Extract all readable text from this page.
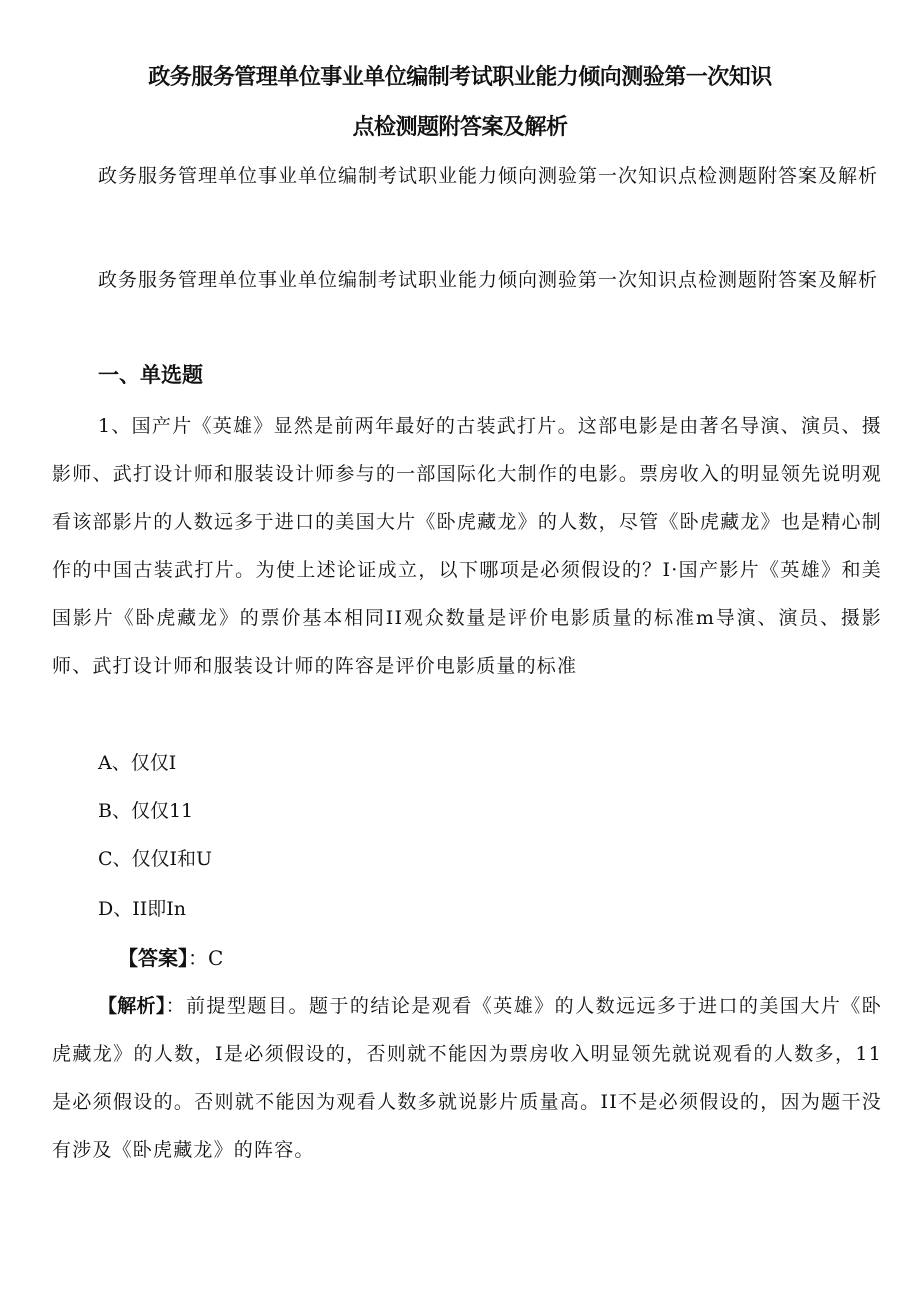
政务服务管理单位事业单位编制考试职业能力倾向测验第一次知识
点检测题附答案及解析

政务服务管理单位事业单位编制考试职业能力倾向测验第一次知识点检测题附答案及解析

政务服务管理单位事业单位编制考试职业能力倾向测验第一次知识点检测题附答案及解析

一、单选题

1、国产片《英雄》显然是前两年最好的古装武打片。这部电影是由著名导演、演员、摄影师、武打设计师和服装设计师参与的一部国际化大制作的电影。票房收入的明显领先说明观看该部影片的人数远多于进口的美国大片《卧虎藏龙》的人数，尽管《卧虎藏龙》也是精心制作的中国古装武打片。为使上述论证成立，以下哪项是必须假设的？I·国产影片《英雄》和美国影片《卧虎藏龙》的票价基本相同II观众数量是评价电影质量的标准m导演、演员、摄影师、武打设计师和服装设计师的阵容是评价电影质量的标准

A、仅仅I

B、仅仅11

C、仅仅I和U

D、II即In

【答案】：C

【解析】：前提型题目。题于的结论是观看《英雄》的人数远远多于进口的美国大片《卧虎藏龙》的人数，I是必须假设的，否则就不能因为票房收入明显领先就说观看的人数多，11是必须假设的。否则就不能因为观看人数多就说影片质量高。II不是必须假设的，因为题干没有涉及《卧虎藏龙》的阵容。
